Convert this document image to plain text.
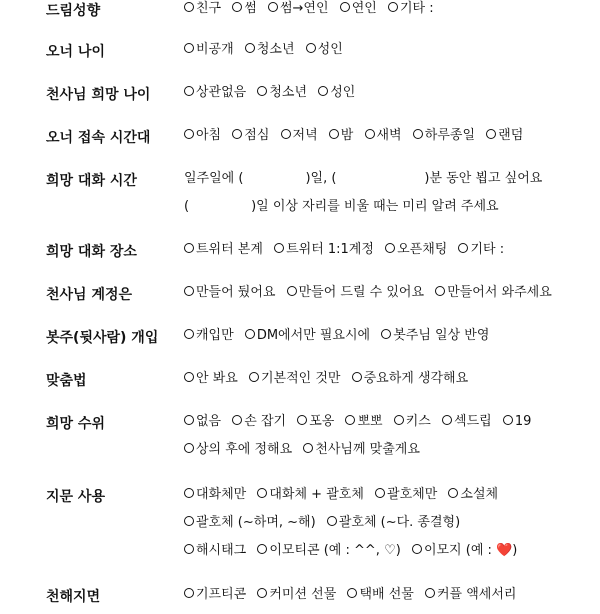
드림성향	친구 썸 썸→연인 연인 기타 :
오너 나이	비공개 청소년 성인
천사님 희망 나이	상관없음 청소년 성인
오너 접속 시간대	아침 점심 저녁 밤 새벽 하루종일 랜덤
희망 대화 시간	일주일에 (	)일, (	)분 동안 뵙고 싶어요
(	)일 이상 자리를 비울 때는 미리 알려 주세요
희망 대화 장소	트위터 본계 트위터 1:1계정 오픈채팅 기타 :
천사님 계정은	만들어 뒀어요 만들어 드릴 수 있어요 만들어서 와주세요
봇주(뒷사람) 개입	캐입만 DM에서만 필요시에 봇주님 일상 반영
맞춤법	안 봐요 기본적인 것만 중요하게 생각해요
희망 수위	없음 손 잡기 포옹 뽀뽀 키스 섹드립 19
상의 후에 정해요 천사님께 맞출게요
지문 사용	대화체만 대화체 + 괄호체 괄호체만 소설체
괄호체 (~하며, ~해) 괄호체 (~다. 종결형)
해시태그 이모티콘 (예 : ^^, ♡) 이모지 (예 : ❤️)
천해지면	기프티콘 커미션 선물 택배 선물 커플 액세서리
